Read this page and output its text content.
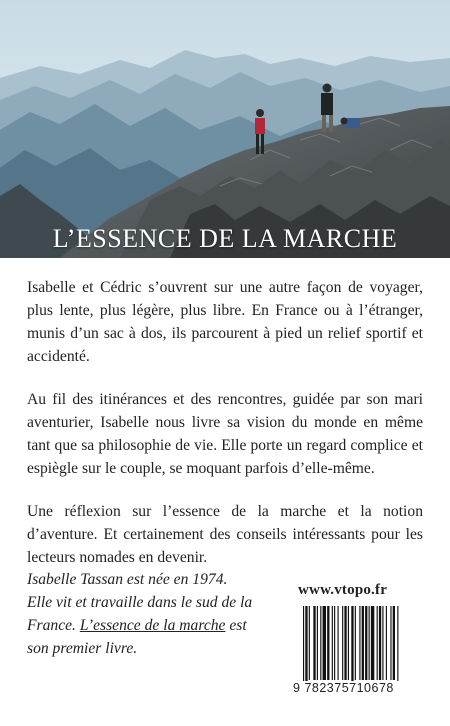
L’ESSENCE DE LA MARCHE

Isabelle et Cédric s’ouvrent sur une autre façon de voyager, plus lente, plus légère, plus libre. En France ou à l’étranger, munis d’un sac à dos, ils parcourent à pied un relief sportif et accidenté.

Au fil des itinérances et des rencontres, guidée par son mari aventurier, Isabelle nous livre sa vision du monde en même tant que sa philosophie de vie. Elle porte un regard complice et espiègle sur le couple, se moquant parfois d’elle-même.

Une réflexion sur l’essence de la marche et la notion d’aventure. Et certainement des conseils intéressants pour les lecteurs nomades en devenir.

Isabelle Tassan est née en 1974. Elle vit et travaille dans le sud de la France. L’essence de la marche est son premier livre.

www.vtopo.fr
9 782375710678
